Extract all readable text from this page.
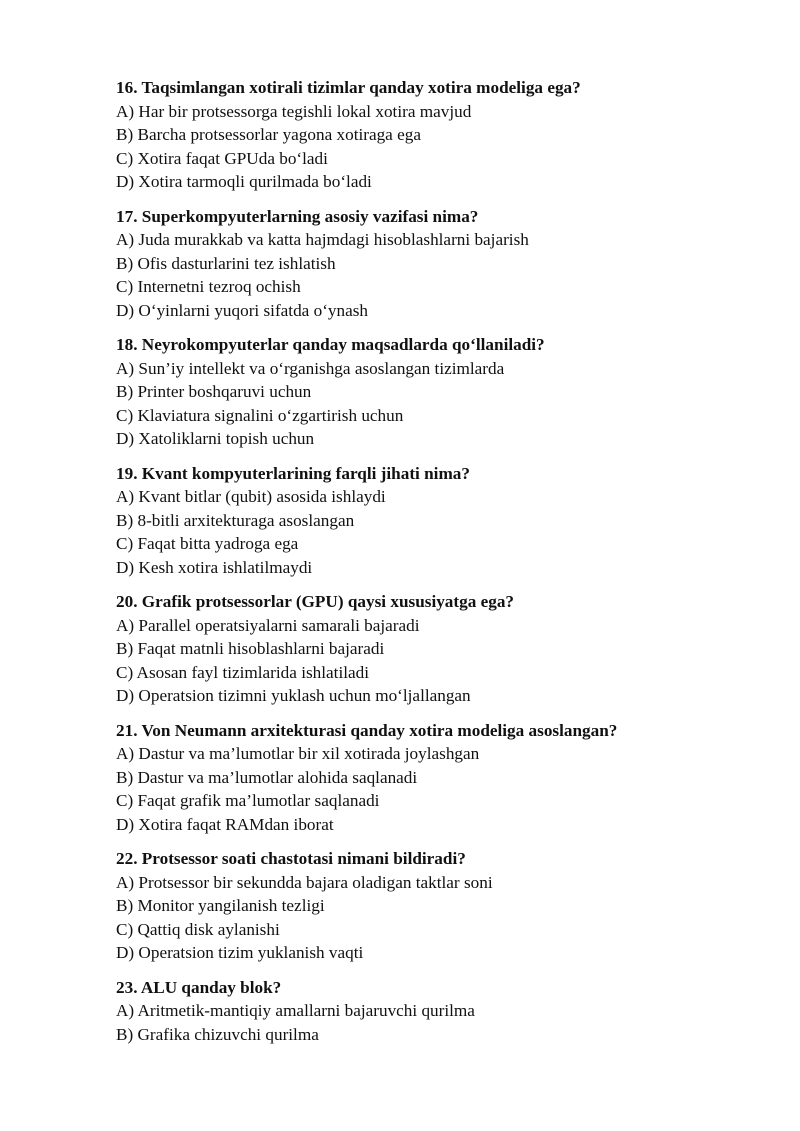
16. Taqsimlangan xotirali tizimlar qanday xotira modeliga ega?

A) Har bir protsessorga tegishli lokal xotira mavjud

B) Barcha protsessorlar yagona xotiraga ega

C) Xotira faqat GPUda bo‘ladi

D) Xotira tarmoqli qurilmada bo‘ladi

17. Superkompyuterlarning asosiy vazifasi nima?

A) Juda murakkab va katta hajmdagi hisoblashlarni bajarish

B) Ofis dasturlarini tez ishlatish

C) Internetni tezroq ochish

D) O‘yinlarni yuqori sifatda o‘ynash

18. Neyrokompyuterlar qanday maqsadlarda qo‘llaniladi?

A) Sun’iy intellekt va o‘rganishga asoslangan tizimlarda

B) Printer boshqaruvi uchun

C) Klaviatura signalini o‘zgartirish uchun

D) Xatoliklarni topish uchun

19. Kvant kompyuterlarining farqli jihati nima?

A) Kvant bitlar (qubit) asosida ishlaydi

B) 8-bitli arxitekturaga asoslangan

C) Faqat bitta yadroga ega

D) Kesh xotira ishlatilmaydi

20. Grafik protsessorlar (GPU) qaysi xususiyatga ega?

A) Parallel operatsiyalarni samarali bajaradi

B) Faqat matnli hisoblashlarni bajaradi

C) Asosan fayl tizimlarida ishlatiladi

D) Operatsion tizimni yuklash uchun mo‘ljallangan

21. Von Neumann arxitekturasi qanday xotira modeliga asoslangan?

A) Dastur va ma’lumotlar bir xil xotirada joylashgan

B) Dastur va ma’lumotlar alohida saqlanadi

C) Faqat grafik ma’lumotlar saqlanadi

D) Xotira faqat RAMdan iborat

22. Protsessor soati chastotasi nimani bildiradi?

A) Protsessor bir sekundda bajara oladigan taktlar soni

B) Monitor yangilanish tezligi

C) Qattiq disk aylanishi

D) Operatsion tizim yuklanish vaqti

23. ALU qanday blok?

A) Aritmetik-mantiqiy amallarni bajaruvchi qurilma

B) Grafika chizuvchi qurilma
